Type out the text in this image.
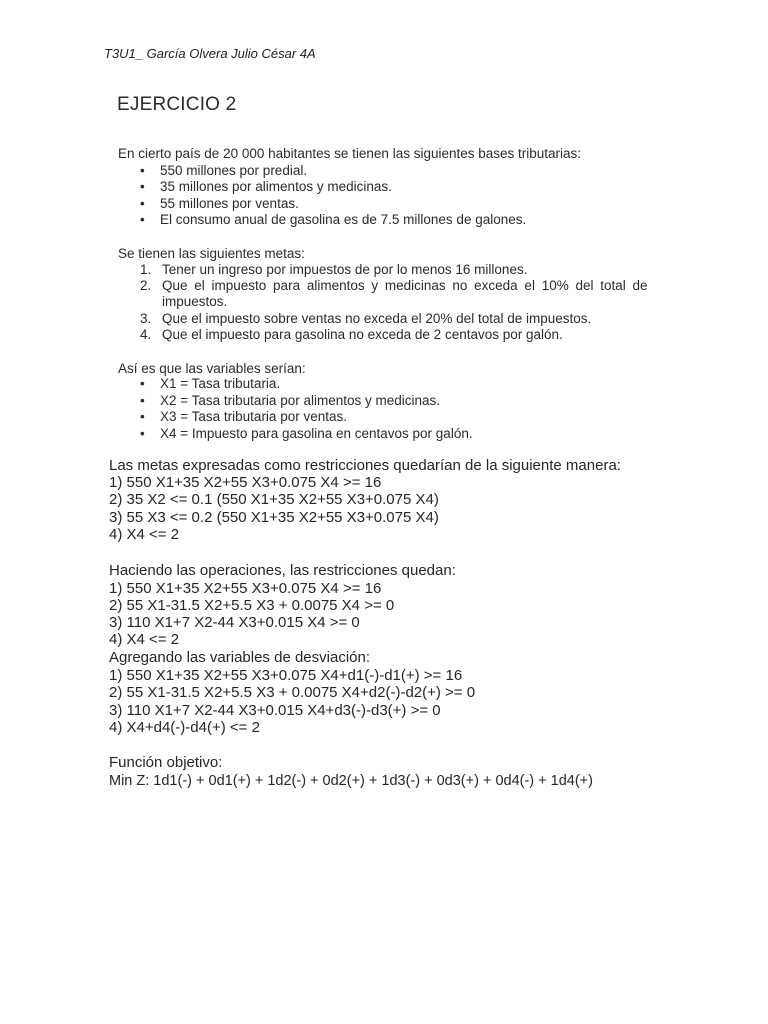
T3U1_ García Olvera Julio César 4A
EJERCICIO 2
En cierto país de 20 000 habitantes se tienen las siguientes bases tributarias:
• 550 millones por predial.
• 35 millones por alimentos y medicinas.
• 55 millones por ventas.
• El consumo anual de gasolina es de 7.5 millones de galones.
Se tienen las siguientes metas:
1. Tener un ingreso por impuestos de por lo menos 16 millones.
2. Que el impuesto para alimentos y medicinas no exceda el 10% del total de
impuestos.
3. Que el impuesto sobre ventas no exceda el 20% del total de impuestos.
4. Que el impuesto para gasolina no exceda de 2 centavos por galón.
Así es que las variables serían:
• X1 = Tasa tributaria.
• X2 = Tasa tributaria por alimentos y medicinas.
• X3 = Tasa tributaria por ventas.
• X4 = Impuesto para gasolina en centavos por galón.
Las metas expresadas como restricciones quedarían de la siguiente manera:
1) 550 X1+35 X2+55 X3+0.075 X4 >= 16
2) 35 X2 <= 0.1 (550 X1+35 X2+55 X3+0.075 X4)
3) 55 X3 <= 0.2 (550 X1+35 X2+55 X3+0.075 X4)
4) X4 <= 2
Haciendo las operaciones, las restricciones quedan:
1) 550 X1+35 X2+55 X3+0.075 X4 >= 16
2) 55 X1-31.5 X2+5.5 X3 + 0.0075 X4 >= 0
3) 110 X1+7 X2-44 X3+0.015 X4 >= 0
4) X4 <= 2
Agregando las variables de desviación:
1) 550 X1+35 X2+55 X3+0.075 X4+d1(-)-d1(+) >= 16
2) 55 X1-31.5 X2+5.5 X3 + 0.0075 X4+d2(-)-d2(+) >= 0
3) 110 X1+7 X2-44 X3+0.015 X4+d3(-)-d3(+) >= 0
4) X4+d4(-)-d4(+) <= 2
Función objetivo:
Min Z: 1d1(-) + 0d1(+) + 1d2(-) + 0d2(+) + 1d3(-) + 0d3(+) + 0d4(-) + 1d4(+)
